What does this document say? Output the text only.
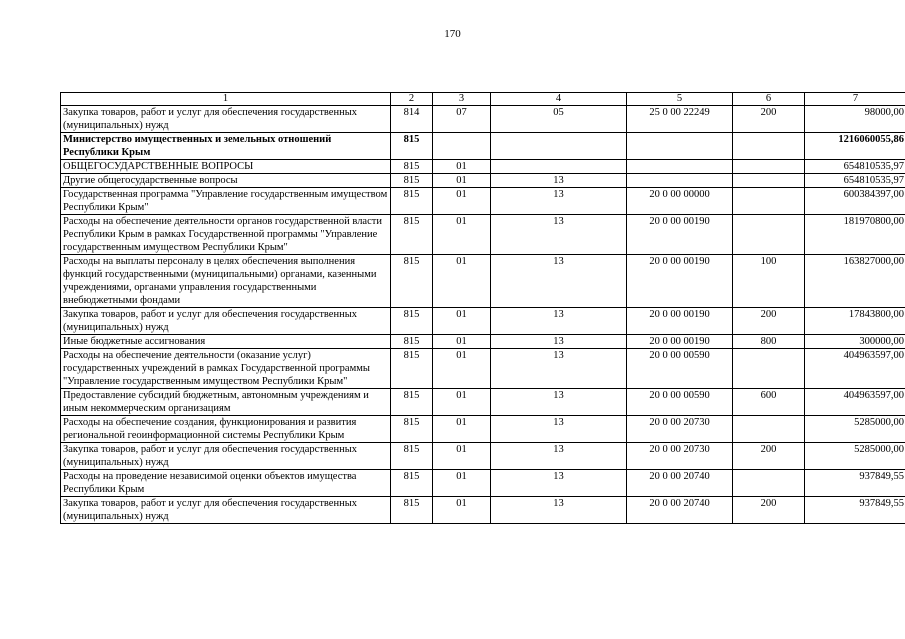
170
1	2	3	4	5	6	7
Закупка товаров, работ и услуг для обеспечения государственных (муниципальных) нужд	814	07	05	25 0 00 22249	200	98000,00
Министерство имущественных и земельных отношений Республики Крым	815					1216060055,86
ОБЩЕГОСУДАРСТВЕННЫЕ ВОПРОСЫ	815	01				654810535,97
Другие общегосударственные вопросы	815	01	13			654810535,97
Государственная программа "Управление государственным имуществом Республики Крым"	815	01	13	20 0 00 00000		600384397,00
Расходы на обеспечение деятельности органов государственной власти Республики Крым в рамках Государственной программы "Управление государственным имуществом Республики Крым"	815	01	13	20 0 00 00190		181970800,00
Расходы на выплаты персоналу в целях обеспечения выполнения функций государственными (муниципальными) органами, казенными учреждениями, органами управления государственными внебюджетными фондами	815	01	13	20 0 00 00190	100	163827000,00
Закупка товаров, работ и услуг для обеспечения государственных (муниципальных) нужд	815	01	13	20 0 00 00190	200	17843800,00
Иные бюджетные ассигнования	815	01	13	20 0 00 00190	800	300000,00
Расходы на обеспечение деятельности (оказание услуг) государственных учреждений в рамках Государственной программы "Управление государственным имуществом Республики Крым"	815	01	13	20 0 00 00590		404963597,00
Предоставление субсидий бюджетным, автономным учреждениям и иным некоммерческим организациям	815	01	13	20 0 00 00590	600	404963597,00
Расходы на обеспечение создания, функционирования и развития региональной геоинформационной системы Республики Крым	815	01	13	20 0 00 20730		5285000,00
Закупка товаров, работ и услуг для обеспечения государственных (муниципальных) нужд	815	01	13	20 0 00 20730	200	5285000,00
Расходы на проведение независимой оценки объектов имущества Республики Крым	815	01	13	20 0 00 20740		937849,55
Закупка товаров, работ и услуг для обеспечения государственных (муниципальных) нужд	815	01	13	20 0 00 20740	200	937849,55
